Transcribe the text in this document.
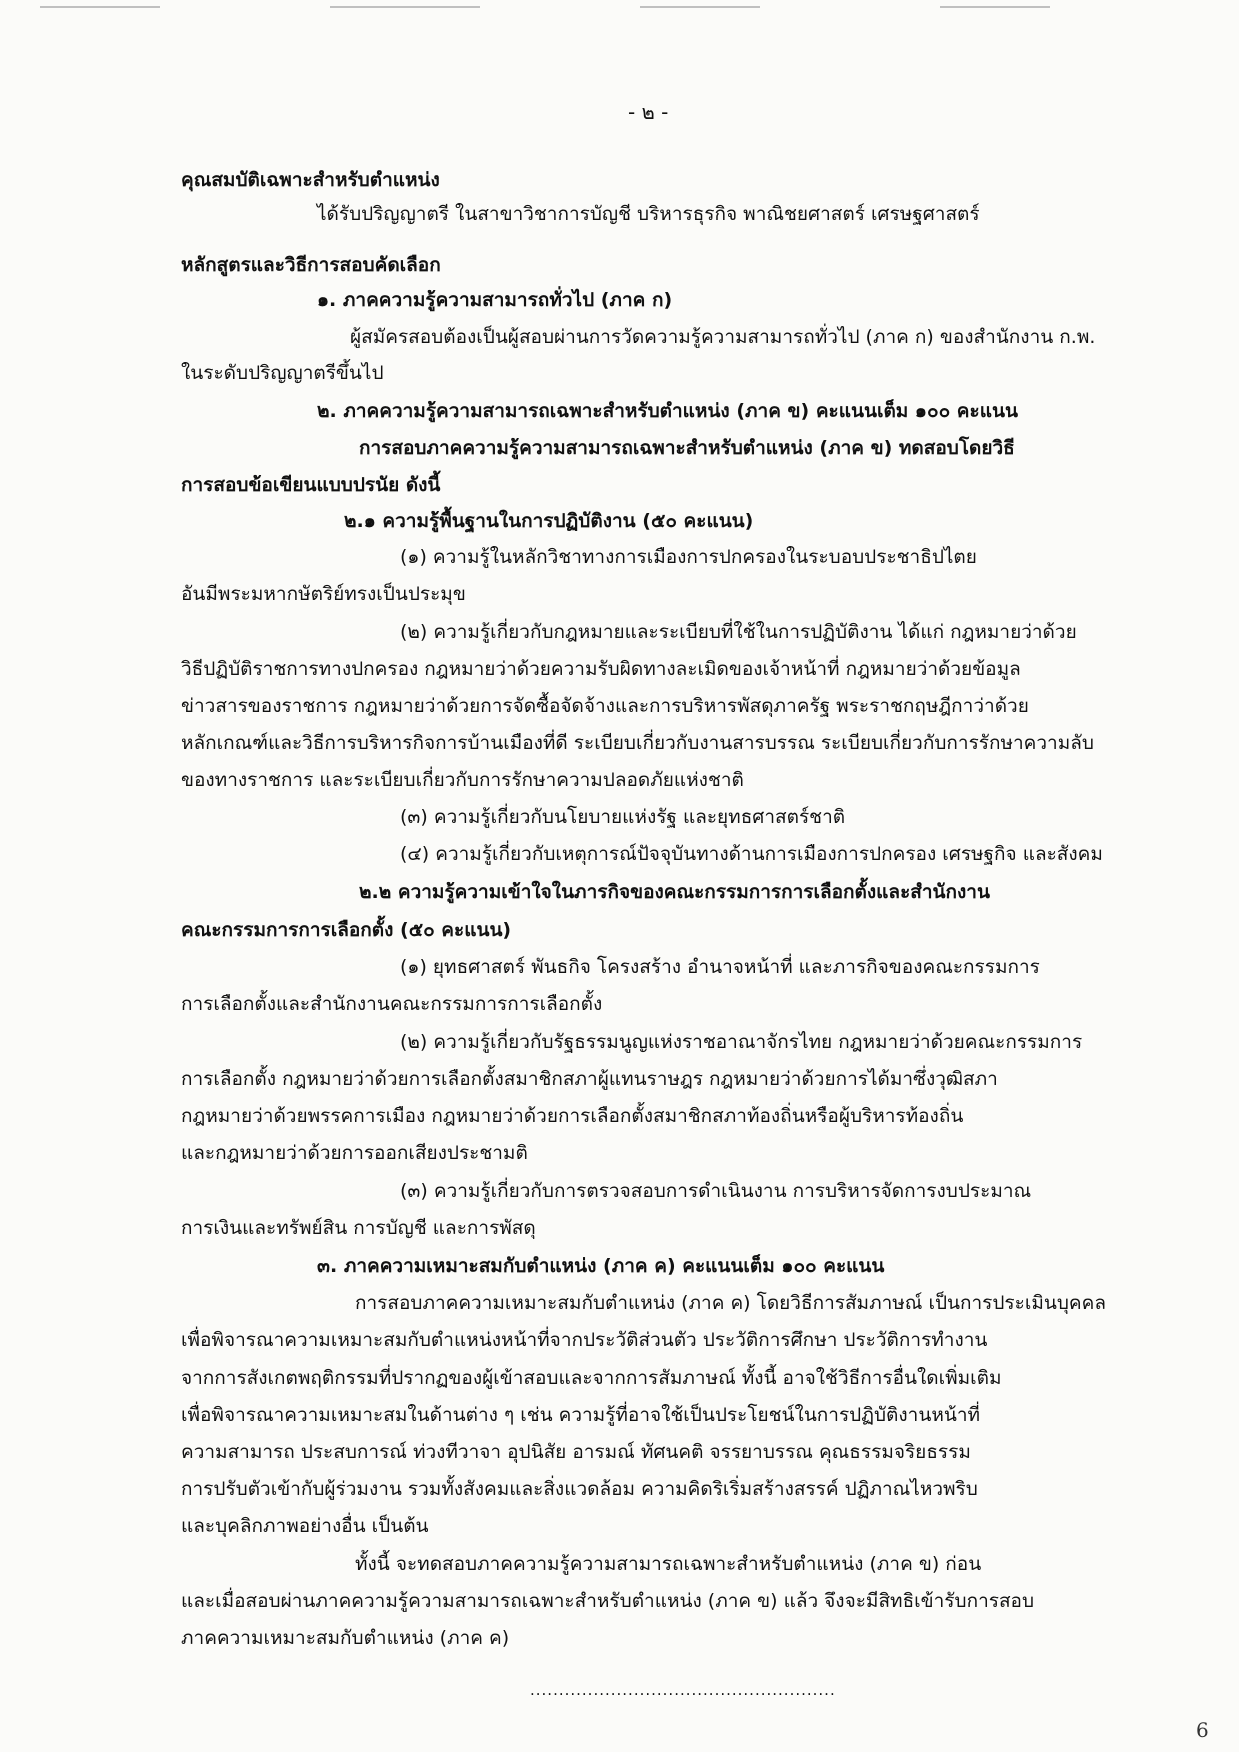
- ๒ -
คุณสมบัติเฉพาะสำหรับตำแหน่ง
ได้รับปริญญาตรี ในสาขาวิชาการบัญชี บริหารธุรกิจ พาณิชยศาสตร์ เศรษฐศาสตร์
หลักสูตรและวิธีการสอบคัดเลือก
๑. ภาคความรู้ความสามารถทั่วไป (ภาค ก)
ผู้สมัครสอบต้องเป็นผู้สอบผ่านการวัดความรู้ความสามารถทั่วไป (ภาค ก) ของสำนักงาน ก.พ.
ในระดับปริญญาตรีขึ้นไป
๒. ภาคความรู้ความสามารถเฉพาะสำหรับตำแหน่ง (ภาค ข) คะแนนเต็ม ๑๐๐ คะแนน
การสอบภาคความรู้ความสามารถเฉพาะสำหรับตำแหน่ง (ภาค ข) ทดสอบโดยวิธี
การสอบข้อเขียนแบบปรนัย ดังนี้
๒.๑ ความรู้พื้นฐานในการปฏิบัติงาน (๕๐ คะแนน)
(๑) ความรู้ในหลักวิชาทางการเมืองการปกครองในระบอบประชาธิปไตย
อันมีพระมหากษัตริย์ทรงเป็นประมุข
(๒) ความรู้เกี่ยวกับกฎหมายและระเบียบที่ใช้ในการปฏิบัติงาน ได้แก่ กฎหมายว่าด้วย
วิธีปฏิบัติราชการทางปกครอง กฎหมายว่าด้วยความรับผิดทางละเมิดของเจ้าหน้าที่ กฎหมายว่าด้วยข้อมูล
ข่าวสารของราชการ กฎหมายว่าด้วยการจัดซื้อจัดจ้างและการบริหารพัสดุภาครัฐ พระราชกฤษฎีกาว่าด้วย
หลักเกณฑ์และวิธีการบริหารกิจการบ้านเมืองที่ดี ระเบียบเกี่ยวกับงานสารบรรณ ระเบียบเกี่ยวกับการรักษาความลับ
ของทางราชการ และระเบียบเกี่ยวกับการรักษาความปลอดภัยแห่งชาติ
(๓) ความรู้เกี่ยวกับนโยบายแห่งรัฐ และยุทธศาสตร์ชาติ
(๔) ความรู้เกี่ยวกับเหตุการณ์ปัจจุบันทางด้านการเมืองการปกครอง เศรษฐกิจ และสังคม
๒.๒ ความรู้ความเข้าใจในภารกิจของคณะกรรมการการเลือกตั้งและสำนักงาน
คณะกรรมการการเลือกตั้ง (๕๐ คะแนน)
(๑) ยุทธศาสตร์ พันธกิจ โครงสร้าง อำนาจหน้าที่ และภารกิจของคณะกรรมการ
การเลือกตั้งและสำนักงานคณะกรรมการการเลือกตั้ง
(๒) ความรู้เกี่ยวกับรัฐธรรมนูญแห่งราชอาณาจักรไทย กฎหมายว่าด้วยคณะกรรมการ
การเลือกตั้ง กฎหมายว่าด้วยการเลือกตั้งสมาชิกสภาผู้แทนราษฎร กฎหมายว่าด้วยการได้มาซึ่งวุฒิสภา
กฎหมายว่าด้วยพรรคการเมือง กฎหมายว่าด้วยการเลือกตั้งสมาชิกสภาท้องถิ่นหรือผู้บริหารท้องถิ่น
และกฎหมายว่าด้วยการออกเสียงประชามติ
(๓) ความรู้เกี่ยวกับการตรวจสอบการดำเนินงาน การบริหารจัดการงบประมาณ
การเงินและทรัพย์สิน การบัญชี และการพัสดุ
๓. ภาคความเหมาะสมกับตำแหน่ง (ภาค ค) คะแนนเต็ม ๑๐๐ คะแนน
การสอบภาคความเหมาะสมกับตำแหน่ง (ภาค ค) โดยวิธีการสัมภาษณ์ เป็นการประเมินบุคคล
เพื่อพิจารณาความเหมาะสมกับตำแหน่งหน้าที่จากประวัติส่วนตัว ประวัติการศึกษา ประวัติการทำงาน
จากการสังเกตพฤติกรรมที่ปรากฏของผู้เข้าสอบและจากการสัมภาษณ์ ทั้งนี้ อาจใช้วิธีการอื่นใดเพิ่มเติม
เพื่อพิจารณาความเหมาะสมในด้านต่าง ๆ เช่น ความรู้ที่อาจใช้เป็นประโยชน์ในการปฏิบัติงานหน้าที่
ความสามารถ ประสบการณ์ ท่วงทีวาจา อุปนิสัย อารมณ์ ทัศนคติ จรรยาบรรณ คุณธรรมจริยธรรม
การปรับตัวเข้ากับผู้ร่วมงาน รวมทั้งสังคมและสิ่งแวดล้อม ความคิดริเริ่มสร้างสรรค์ ปฏิภาณไหวพริบ
และบุคลิกภาพอย่างอื่น เป็นต้น
ทั้งนี้ จะทดสอบภาคความรู้ความสามารถเฉพาะสำหรับตำแหน่ง (ภาค ข) ก่อน
และเมื่อสอบผ่านภาคความรู้ความสามารถเฉพาะสำหรับตำแหน่ง (ภาค ข) แล้ว จึงจะมีสิทธิเข้ารับการสอบ
ภาคความเหมาะสมกับตำแหน่ง (ภาค ค)
.....................................................
6
